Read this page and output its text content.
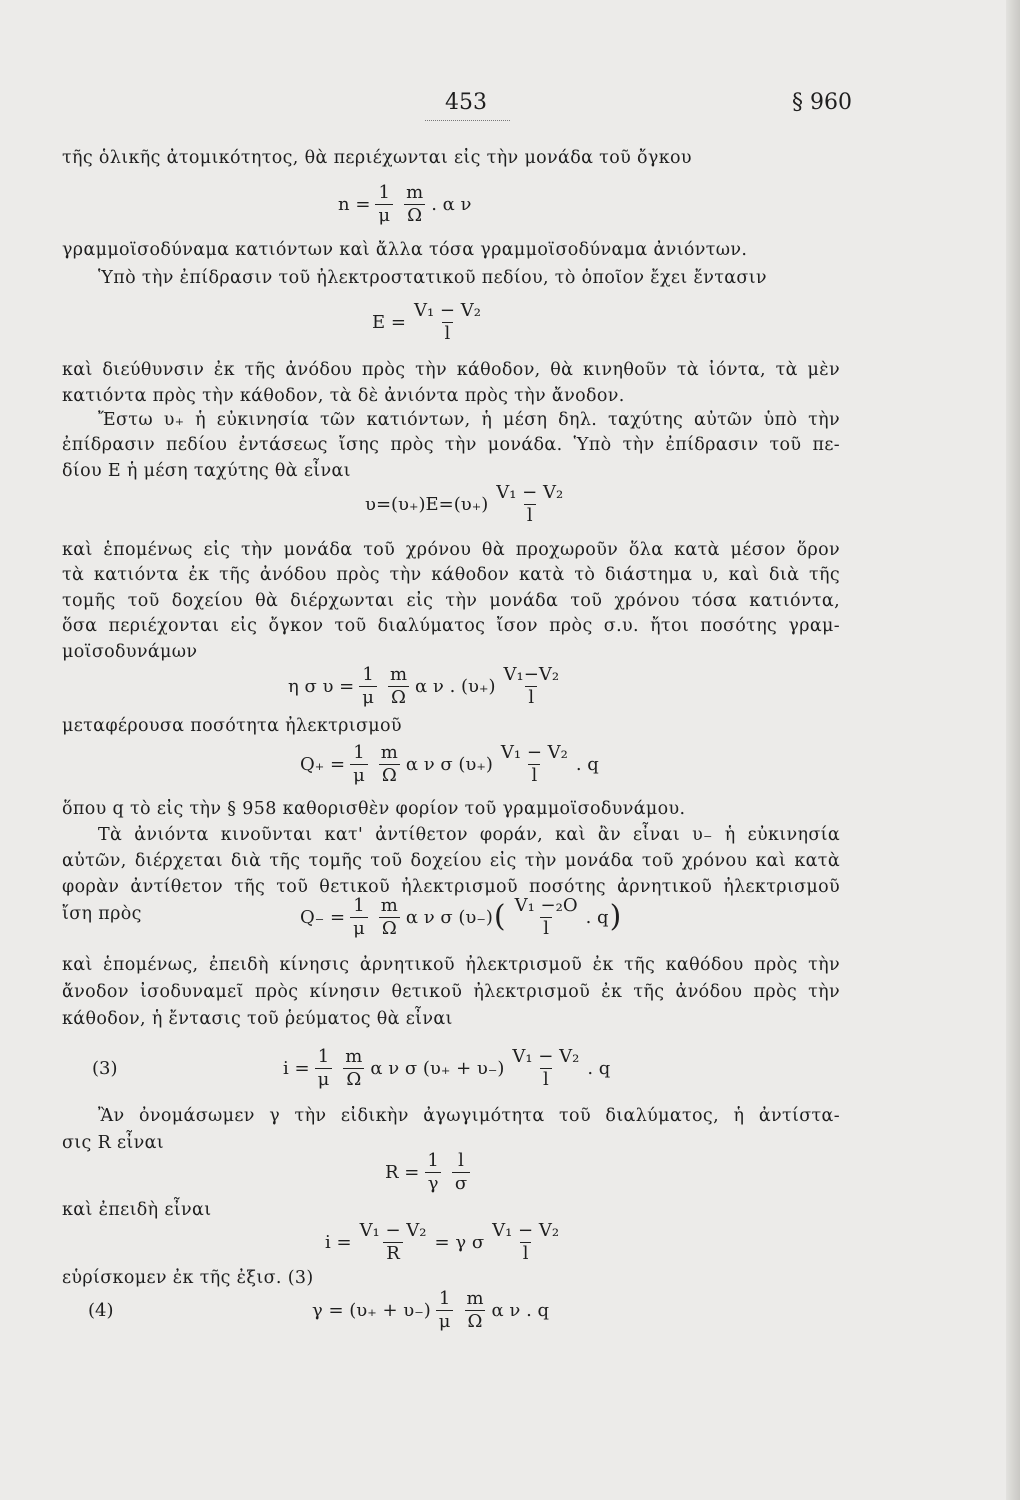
453	§ 960
τῆς ὁλικῆς ἀτομικότητος, θὰ περιέχωνται εἰς τὴν μονάδα τοῦ ὄγκου
$n = \frac{1}{\mu} \frac{m}{\Omega}$ . α ν
γραμμοϊσοδύναμα κατιόντων καὶ ἄλλα τόσα γραμμοϊσοδύναμα ἀνιόντων.
Ὑπὸ τὴν ἐπίδρασιν τοῦ ἠλεκτροστατικοῦ πεδίου, τὸ ὁποῖον ἔχει ἔντασιν
$E = \frac{\text{V₁ − V₂}}{l}$
καὶ διεύθυνσιν ἐκ τῆς ἀνόδου πρὸς τὴν κάθοδον, θὰ κινηθοῦν τὰ ἰόντα, τὰ μὲν
κατιόντα πρὸς τὴν κάθοδον, τὰ δὲ ἀνιόντα πρὸς τὴν ἄνοδον.
Ἔστω υ₊ ἡ εὐκινησία τῶν κατιόντων, ἡ μέση δηλ. ταχύτης αὐτῶν ὑπὸ τὴν
ἐπίδρασιν πεδίου ἐντάσεως ἴσης πρὸς τὴν μονάδα. Ὑπὸ τὴν ἐπίδρασιν τοῦ πε-
δίου E ἡ μέση ταχύτης θὰ εἶναι
$\upsilon=(\upsilon_+)E=(\upsilon_+) \frac{\text{V₁ − V₂}}{l}$
καὶ ἑπομένως εἰς τὴν μονάδα τοῦ χρόνου θὰ προχωροῦν ὅλα κατὰ μέσον ὅρον
τὰ κατιόντα ἐκ τῆς ἀνόδου πρὸς τὴν κάθοδον κατὰ τὸ διάστημα υ, καὶ διὰ τῆς
τομῆς τοῦ δοχείου θὰ διέρχωνται εἰς τὴν μονάδα τοῦ χρόνου τόσα κατιόντα,
ὅσα περιέχονται εἰς ὄγκον τοῦ διαλύματος ἴσον πρὸς σ.υ. ἤτοι ποσότης γραμ-
μοϊσοδυνάμων
η σ $\upsilon = \frac{1}{\mu} \frac{m}{\Omega}$ α ν . $(\upsilon_+) \frac{\text{V₁−V₂}}{l}$
μεταφέρουσα ποσότητα ἠλεκτρισμοῦ
$Q_+ = \frac{1}{\mu} \frac{m}{\Omega}$ α ν σ $(\upsilon_+) \frac{\text{V₁ − V₂}}{l}$ . q
ὅπου q τὸ εἰς τὴν § 958 καθορισθὲν φορίον τοῦ γραμμοϊσοδυνάμου.
Τὰ ἀνιόντα κινοῦνται κατ' ἀντίθετον φοράν, καὶ ἂν εἶναι υ₋ ἡ εὐκινησία
αὐτῶν, διέρχεται διὰ τῆς τομῆς τοῦ δοχείου εἰς τὴν μονάδα τοῦ χρόνου καὶ κατὰ
φορὰν ἀντίθετον τῆς τοῦ θετικοῦ ἠλεκτρισμοῦ ποσότης ἀρνητικοῦ ἠλεκτρισμοῦ
ἴση πρὸς	$Q_- = \frac{1}{\mu} \frac{m}{\Omega}$ α ν σ (υ₋) ( $\frac{\text{V₁ −₂O}}{l}$ . q )
καὶ ἑπομένως, ἐπειδὴ κίνησις ἀρνητικοῦ ἠλεκτρισμοῦ ἐκ τῆς καθόδου πρὸς τὴν
ἄνοδον ἰσοδυναμεῖ πρὸς κίνησιν θετικοῦ ἠλεκτρισμοῦ ἐκ τῆς ἀνόδου πρὸς τὴν
κάθοδον, ἡ ἔντασις τοῦ ῥεύματος θὰ εἶναι
(3)	$i = \frac{1}{\mu} \frac{m}{\Omega}$ α ν σ $(\upsilon_+ + \upsilon_-) \frac{\text{V₁ − V₂}}{l}$ . q
Ἂν ὀνομάσωμεν γ τὴν εἰδικὴν ἀγωγιμότητα τοῦ διαλύματος, ἡ ἀντίστα-
σις R εἶναι
$R = \frac{1}{\gamma} \frac{l}{\sigma}$
καὶ ἐπειδὴ εἶναι
$i = \frac{\text{V₁ − V₂}}{R} = \gamma$ σ $\frac{\text{V₁ − V₂}}{l}$
εὑρίσκομεν ἐκ τῆς ἐξισ. (3)
(4)	$\gamma = (\upsilon_+ + \upsilon_-) \frac{1}{\mu} \frac{m}{\Omega}$ α ν . q
